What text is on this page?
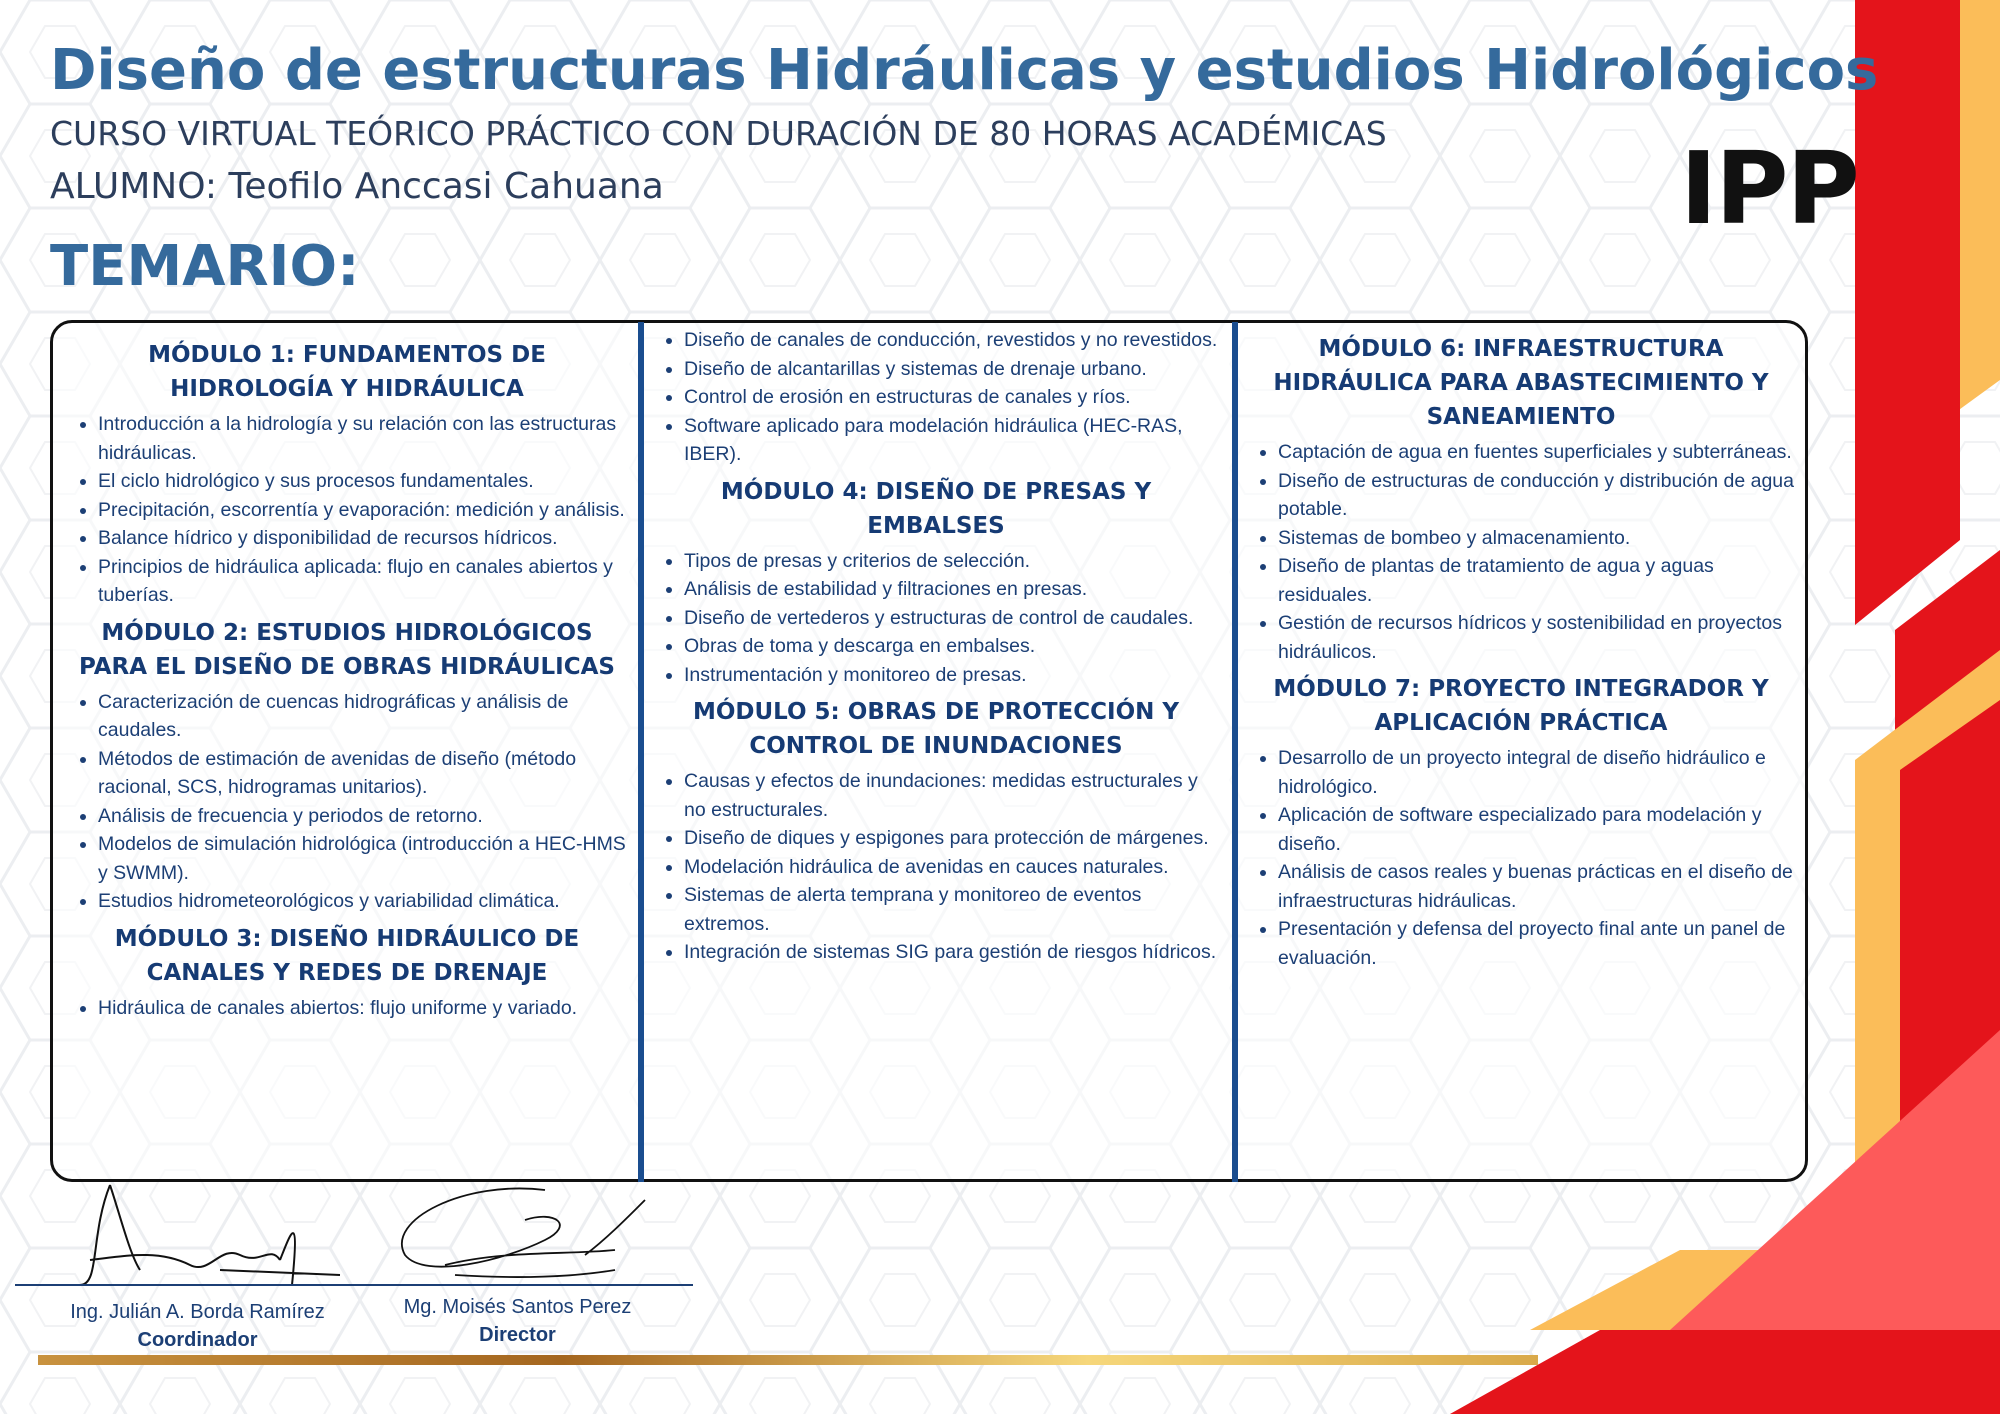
Diseño de estructuras Hidráulicas y estudios Hidrológicos
CURSO VIRTUAL TEÓRICO PRÁCTICO CON DURACIÓN DE 80 HORAS ACADÉMICAS
ALUMNO: Teofilo Anccasi Cahuana	IPP
TEMARIO:
MÓDULO 1: FUNDAMENTOS DE HIDROLOGÍA Y HIDRÁULICA
• Introducción a la hidrología y su relación con las estructuras hidráulicas.
• El ciclo hidrológico y sus procesos fundamentales.
• Precipitación, escorrentía y evaporación: medición y análisis.
• Balance hídrico y disponibilidad de recursos hídricos.
• Principios de hidráulica aplicada: flujo en canales abiertos y tuberías.
MÓDULO 2: ESTUDIOS HIDROLÓGICOS PARA EL DISEÑO DE OBRAS HIDRÁULICAS
• Caracterización de cuencas hidrográficas y análisis de caudales.
• Métodos de estimación de avenidas de diseño (método racional, SCS, hidrogramas unitarios).
• Análisis de frecuencia y periodos de retorno.
• Modelos de simulación hidrológica (introducción a HEC-HMS y SWMM).
• Estudios hidrometeorológicos y variabilidad climática.
MÓDULO 3: DISEÑO HIDRÁULICO DE CANALES Y REDES DE DRENAJE
• Hidráulica de canales abiertos: flujo uniforme y variado.
• Diseño de canales de conducción, revestidos y no revestidos.
• Diseño de alcantarillas y sistemas de drenaje urbano.
• Control de erosión en estructuras de canales y ríos.
• Software aplicado para modelación hidráulica (HEC-RAS, IBER).
MÓDULO 4: DISEÑO DE PRESAS Y EMBALSES
• Tipos de presas y criterios de selección.
• Análisis de estabilidad y filtraciones en presas.
• Diseño de vertederos y estructuras de control de caudales.
• Obras de toma y descarga en embalses.
• Instrumentación y monitoreo de presas.
MÓDULO 5: OBRAS DE PROTECCIÓN Y CONTROL DE INUNDACIONES
• Causas y efectos de inundaciones: medidas estructurales y no estructurales.
• Diseño de diques y espigones para protección de márgenes.
• Modelación hidráulica de avenidas en cauces naturales.
• Sistemas de alerta temprana y monitoreo de eventos extremos.
• Integración de sistemas SIG para gestión de riesgos hídricos.
MÓDULO 6: INFRAESTRUCTURA HIDRÁULICA PARA ABASTECIMIENTO Y SANEAMIENTO
• Captación de agua en fuentes superficiales y subterráneas.
• Diseño de estructuras de conducción y distribución de agua potable.
• Sistemas de bombeo y almacenamiento.
• Diseño de plantas de tratamiento de agua y aguas residuales.
• Gestión de recursos hídricos y sostenibilidad en proyectos hidráulicos.
MÓDULO 7: PROYECTO INTEGRADOR Y APLICACIÓN PRÁCTICA
• Desarrollo de un proyecto integral de diseño hidráulico e hidrológico.
• Aplicación de software especializado para modelación y diseño.
• Análisis de casos reales y buenas prácticas en el diseño de infraestructuras hidráulicas.
• Presentación y defensa del proyecto final ante un panel de evaluación.
Ing. Julián A. Borda Ramírez
Coordinador
Mg. Moisés Santos Perez
Director
